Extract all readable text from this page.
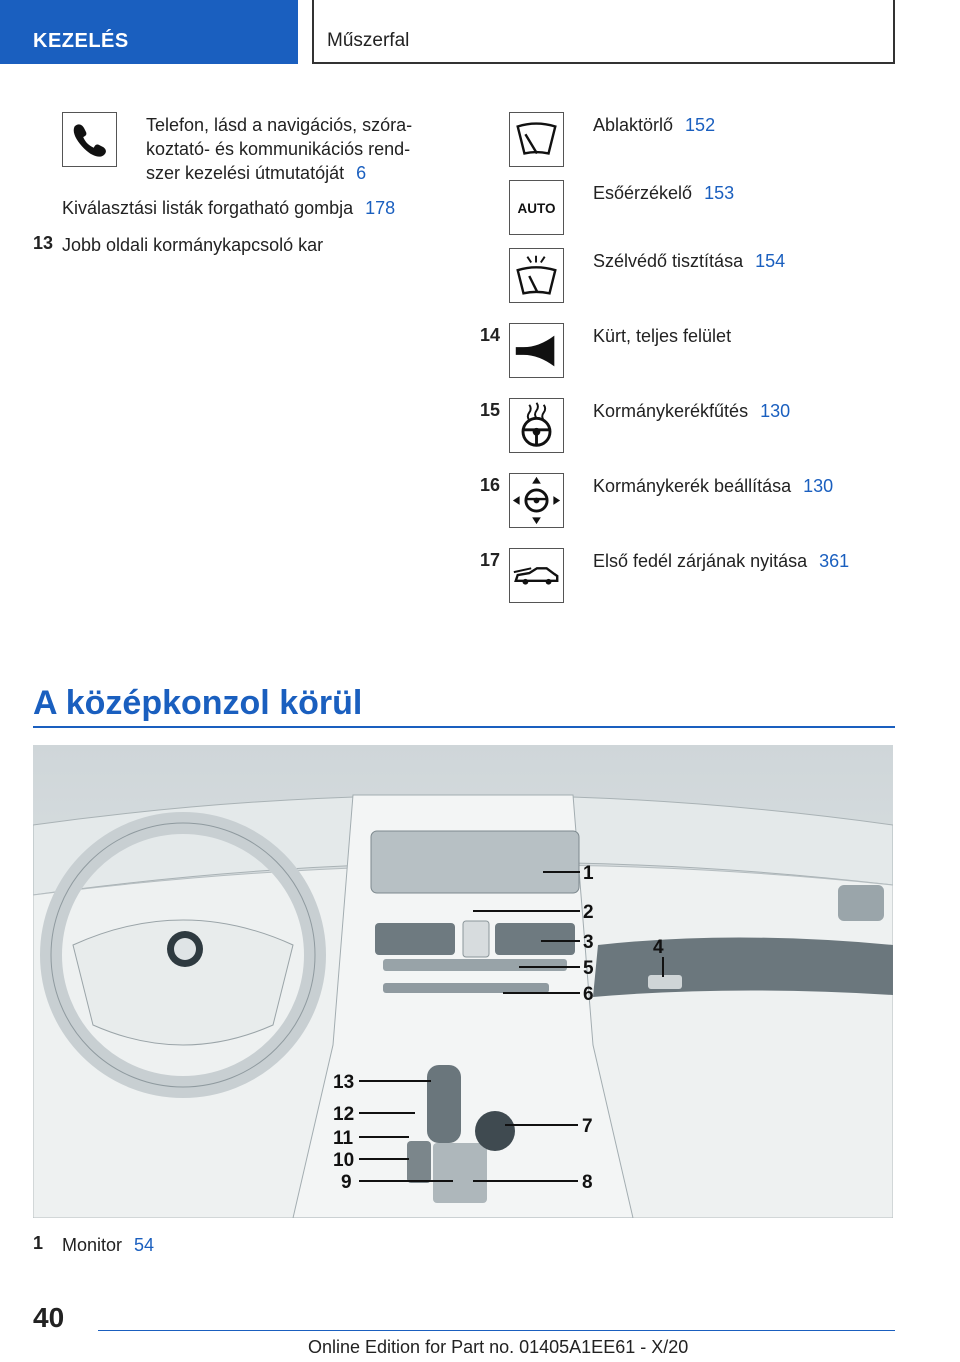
KEZELÉS	Műszerfal
Telefon, lásd a navigációs, szóra-
koztató- és kommunikációs rend-
szer kezelési útmutatóját 6
Kiválasztási listák forgatható gombja 178
13 Jobb oldali kormánykapcsoló kar
Ablaktörlő 152
AUTO
Esőérzékelő 153
Szélvédő tisztítása 154
14	Kürt, teljes felület
15	Kormánykerékfűtés 130
16	Kormánykerék beállítása 130
17	Első fedél zárjának nyitása 361
A középkonzol körül
1
2
3	4
5
6
7
8
9
10
11
12
13
1 Monitor 54
40
Online Edition for Part no. 01405A1EE61 - X/20
